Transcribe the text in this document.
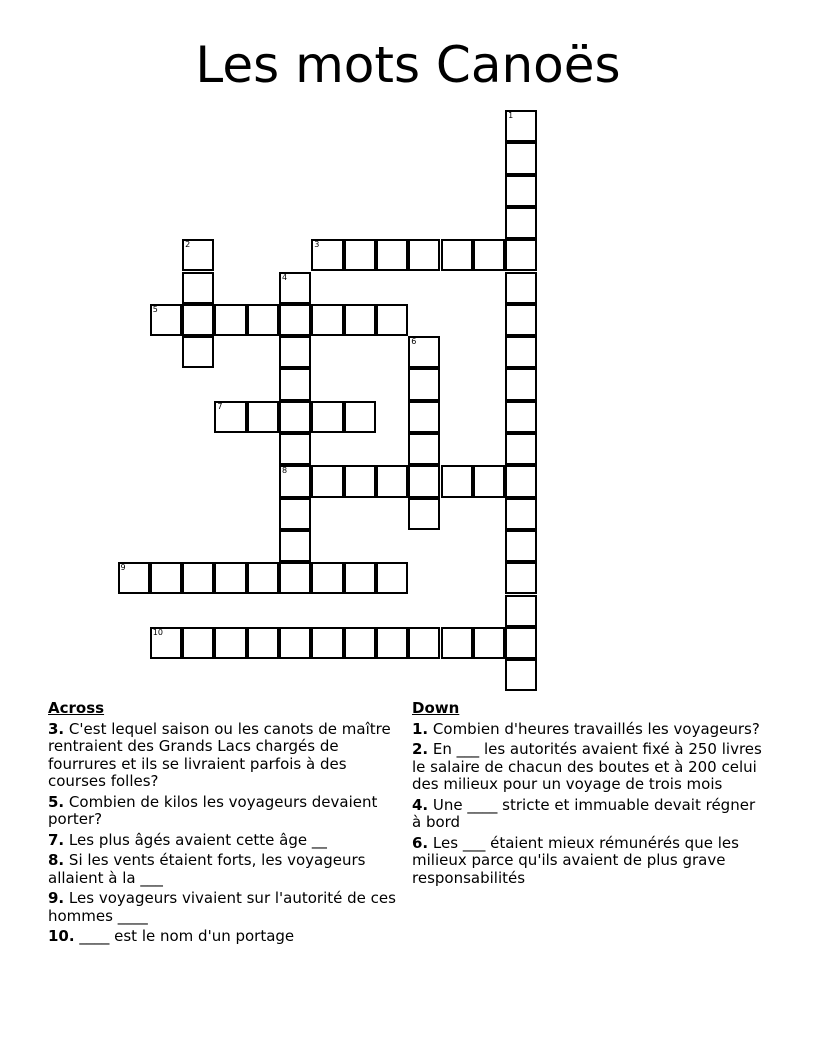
Les mots Canoës
1
2	3
4
8
5
6
7
9
10
Across
3. C'est lequel saison ou les canots de maître rentraient des Grands Lacs chargés de fourrures et ils se livraient parfois à des courses folles?
5. Combien de kilos les voyageurs devaient porter?
7. Les plus âgés avaient cette âge __
8. Si les vents étaient forts, les voyageurs allaient à la ___
9. Les voyageurs vivaient sur l'autorité de ces hommes ____
10. ____ est le nom d'un portage
Down
1. Combien d'heures travaillés les voyageurs?
2. En ___ les autorités avaient fixé à 250 livres le salaire de chacun des boutes et à 200 celui des milieux pour un voyage de trois mois
4. Une ____ stricte et immuable devait régner à bord
6. Les ___ étaient mieux rémunérés que les milieux parce qu'ils avaient de plus grave responsabilités
